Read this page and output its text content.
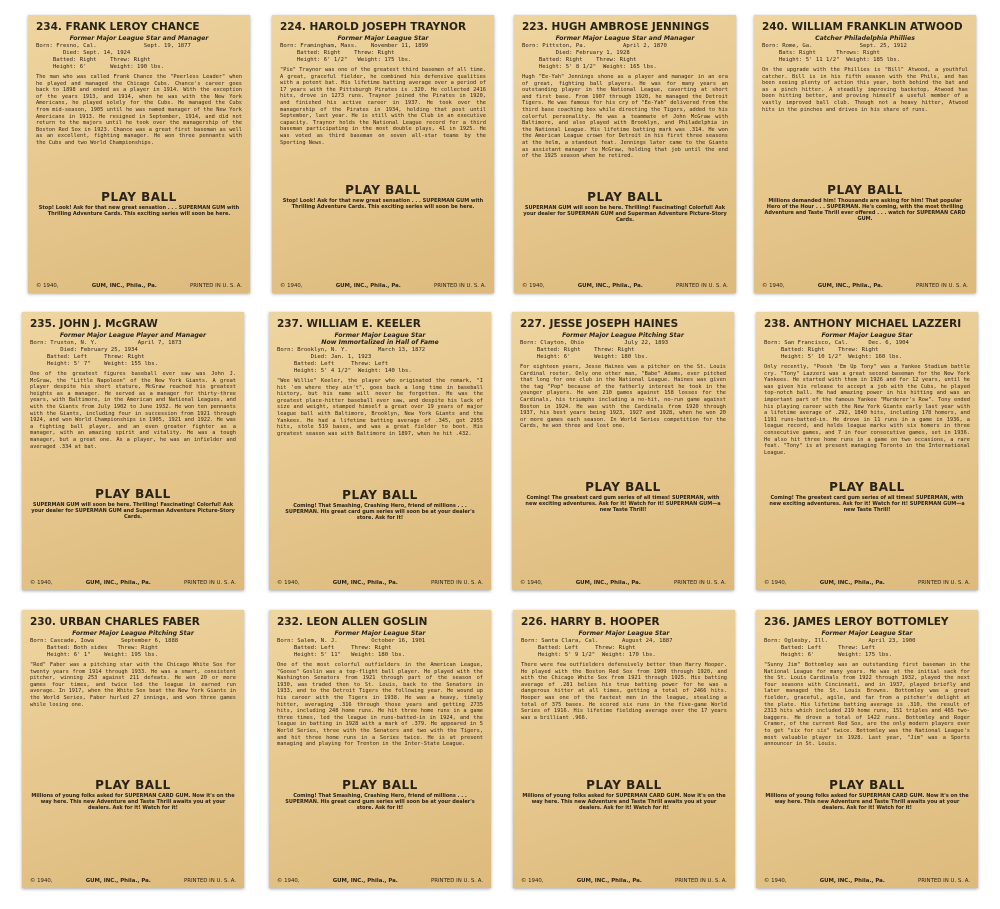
234. FRANK LEROY CHANCE
Former Major League Star and Manager
Born: Fresno, Cal.              Sept. 19, 1877
Died: Sept. 14, 1924
Batted: Right    Threw: Right
Height: 6'       Weight: 190 lbs.
The man who was called Frank Chance the "Peerless Leader" when he played and managed the Chicago Cubs. Chance's career goes back to 1898 and ended as a player in 1914. With the exception of the years 1913, and 1914, when he was with the New York Americans, he played solely for the Cubs. He managed the Cubs from mid-season, 1905 until he was named manager of the New York Americans in 1913. He resigned in September, 1914, and did not return to the majors until he took over the managership of the Boston Red Sox in 1923. Chance was a great first baseman as well as an excellent, fighting manager. He won three pennants with the Cubs and two World Championships.
PLAY BALL
Stop! Look! Ask for that new great sensation . . . SUPERMAN GUM with Thrilling Adventure Cards. This exciting series will soon be here.
© 1940,	GUM, INC., Phila., Pa.	PRINTED IN U. S. A.
224. HAROLD JOSEPH TRAYNOR
Former Major League Star
Born: Framingham, Mass.    November 11, 1899
Batted: Right    Threw: Right
Height: 6' 1/2"   Weight: 175 lbs.
"Pie" Traynor was one of the greatest third basemen of all time. A great, graceful fielder, he combined his defensive qualities with a potent bat. His lifetime batting average over a period of 17 years with the Pittsburgh Pirates is .320. He collected 2416 hits, drove in 1273 runs. Traynor joined the Pirates in 1920, and finished his active career in 1937. He took over the managership of the Pirates in 1934, holding that post until September, last year. He is still with the Club in an executive capacity. Traynor holds the National League record for a third baseman participating in the most double plays, 41 in 1925. He was voted as third baseman on seven all-star teams by the Sporting News.
PLAY BALL
Stop! Look! Ask for that new great sensation . . . SUPERMAN GUM with Thrilling Adventure Cards. This exciting series will soon be here.
© 1940,	GUM, INC., Phila., Pa.	PRINTED IN U. S. A.
223. HUGH AMBROSE JENNINGS
Former Major League Star and Manager
Born: Pittston, Pa.           April 2, 1870
Died: February 1, 1928
Batted: Right    Threw: Right
Height: 5' 8 1/2"  Weight: 165 lbs.
Hugh "Ee-Yah" Jennings shone as a player and manager in an era of great, fighting ball players. He was for many years an outstanding player in the National League, cavorting at short and first base. From 1907 through 1920, he managed the Detroit Tigers. He was famous for his cry of "Ee-Yah" delivered from the third base coaching box while directing the Tigers, added to his colorful personality. He was a teammate of John McGraw with Baltimore, and also played with Brooklyn, and Philadelphia in the National League. His lifetime batting mark was .314. He won the American League crown for Detroit in his first three seasons at the helm, a standout feat. Jennings later came to the Giants as assistant manager to McGraw, holding that job until the end of the 1925 season when he retired.
PLAY BALL
SUPERMAN GUM will soon be here. Thrilling! Fascinating! Colorful! Ask your dealer for SUPERMAN GUM and Superman Adventure Picture-Story Cards.
© 1940,	GUM, INC., Phila., Pa.	PRINTED IN U. S. A.
240. WILLIAM FRANKLIN ATWOOD
Catcher Philadelphia Phillies
Born: Rome, Ga.              Sept. 25, 1912
Bats: Right      Throws: Right
Height: 5' 11 1/2"  Weight: 185 lbs.
On the upgrade with the Phillies is "Bill" Atwood, a youthful catcher. Bill is in his fifth season with the Phils, and has been seeing plenty of action this year, both behind the bat and as a pinch hitter. A steadily improving backstop, Atwood has been hitting better, and proving himself a useful member of a vastly improved ball club. Though not a heavy hitter, Atwood hits in the pinches and drives in his share of runs.
PLAY BALL
Millions demanded him! Thousands are asking for him! That popular Hero of the Hour . . . SUPERMAN. He's coming, with the most thrilling Adventure and Taste Thrill ever offered . . . watch for SUPERMAN CARD GUM.
© 1940,	GUM, INC., Phila., Pa.	PRINTED IN U. S. A.
235. JOHN J. McGRAW
Former Major League Player and Manager
Born: Truxton, N. Y.            April 7, 1873
Died: February 25, 1934
Batted: Left     Threw: Right
Height: 5' 7"    Weight: 155 lbs.
One of the greatest figures baseball ever saw was John J. McGraw, the "Little Napoleon" of the New York Giants. A great player despite his short stature, McGraw reached his greatest heights as a manager. He served as a manager for thirty-three years, with Baltimore, in the American and National Leagues, and with the Giants from July 1902 to June 1932. He won ten pennants with the Giants, including four in succession from 1921 through 1924, and won World Championships in 1905, 1921 and 1922. He was a fighting ball player, and an even greater fighter as a manager, with an amazing spirit and vitality. He was a tough manager, but a great one. As a player, he was an infielder and averaged .334 at bat.
PLAY BALL
SUPERMAN GUM will soon be here. Thrilling! Fascinating! Colorful! Ask your dealer for SUPERMAN GUM and Superman Adventure Picture-Story Cards.
© 1940,	GUM, INC., Phila., Pa.	PRINTED IN U. S. A.
237. WILLIAM E. KEELER
Former Major League Star
Now Immortalized in Hall of Fame
Born: Brooklyn, N. Y.         March 13, 1872
Died: Jan. 1, 1923
Batted: Left     Threw: Left
Height: 5' 4 1/2"  Weight: 140 lbs.
"Wee Willie" Keeler, the player who originated the remark, "I hit 'em where they ain't", goes back a long time in baseball history, but his name will never be forgotten. He was the greatest place-hitter baseball ever saw, and despite his lack of size and weight, stamped himself a great over 19 years of major league ball with Baltimore, Brooklyn, New York Giants and the Yankees. He had a lifetime batting average of .345, got 2955 hits, stole 519 bases, and was a great fielder to boot. His greatest season was with Baltimore in 1897, when he hit .432.
PLAY BALL
Coming! That Smashing, Crashing Hero, friend of millions . . . SUPERMAN. His great card gum series will soon be at your dealer's store. Ask for it!
© 1940,	GUM, INC., Phila., Pa.	PRINTED IN U. S. A.
227. JESSE JOSEPH HAINES
Former Major League Pitching Star
Born: Clayton, Ohio            July 22, 1893
Batted: Right    Threw: Right
Height: 6'       Weight: 180 lbs.
For eighteen years, Jesse Haines was a pitcher on the St. Louis Cardinal roster. Only one other man, "Babe" Adams, ever pitched that long for one club in the National League. Haines was given the tag "Pop" because of the fatherly interest he took in the younger players. He won 210 games against 158 losses for the Cardinals, his triumphs including a no-hit, no-run game against Boston in 1924. He was with the Cardinals from 1920 through 1937, his best years being 1923, 1927 and 1928, when he won 20 or more games each season. In World Series competition for the Cards, he won three and lost one.
PLAY BALL
Coming! The greatest card gum series of all times! SUPERMAN, with new exciting adventures. Ask for it! Watch for it! SUPERMAN GUM—a new Taste Thrill!
© 1940,	GUM, INC., Phila., Pa.	PRINTED IN U. S. A.
238. ANTHONY MICHAEL LAZZERI
Former Major League Star
Born: San Francisco, Cal.      Dec. 6, 1904
Batted: Right    Threw: Right
Height: 5' 10 1/2"  Weight: 160 lbs.
Only recently, "Poosh 'Em Up Tony" was a Yankee Stadium battle cry. "Tony" Lazzeri was a great second baseman for the New York Yankees. He started with them in 1926 and for 12 years, until he was given his release to accept a job with the Cubs, he played top-notch ball. He had amazing power in his hitting and was an important part of the famous Yankee "Murderer's Row". Tony ended his playing career with the New York Giants early last year with a lifetime average of .292, 1840 hits, including 178 homers, and 1191 runs-batted-in. He drove in 11 runs in a game in 1936, a league record, and holds league marks with six homers in three consecutive games, and 7 in four consecutive games, set in 1936. He also hit three home runs in a game on two occasions, a rare feat. "Tony" is at present managing Toronto in the International League.
PLAY BALL
Coming! The greatest card gum series of all times! SUPERMAN, with new exciting adventures. Ask for it! Watch for it! SUPERMAN GUM—a new Taste Thrill!
© 1940,	GUM, INC., Phila., Pa.	PRINTED IN U. S. A.
230. URBAN CHARLES FABER
Former Major League Pitching Star
Born: Cascade, Iowa        September 6, 1888
Batted: Both sides   Threw: Right
Height: 6' 1"    Weight: 195 lbs.
"Red" Faber was a pitching star with the Chicago White Sox for twenty years from 1914 through 1933. He was a smart, consistent pitcher, winning 253 against 211 defeats. He won 20 or more games four times, and twice led the league in earned run average. In 1917, when the White Sox beat the New York Giants in the World Series, Faber hurled 27 innings, and won three games while losing one.
PLAY BALL
Millions of young folks asked for SUPERMAN CARD GUM. Now it's on the way here. This new Adventure and Taste Thrill awaits you at your dealers. Ask for it! Watch for it!
© 1940,	GUM, INC., Phila., Pa.	PRINTED IN U. S. A.
232. LEON ALLEN GOSLIN
Former Major League Star
Born: Salem, N. J.          October 16, 1901
Batted: Left     Threw: Right
Height: 5' 11"   Weight: 180 lbs.
One of the most colorful outfielders in the American League, "Goose" Goslin was a top-flight ball player. He played with the Washington Senators from 1921 through part of the season of 1930, was traded then to St. Louis, back to the Senators in 1933, and to the Detroit Tigers the following year. He wound up his career with the Tigers in 1938. He was a heavy, timely hitter, averaging .316 through those years and getting 2735 hits, including 248 home runs. He hit three home runs in a game three times, led the league in runs-batted-in in 1924, and the league in batting in 1928 with a mark of .379. He appeared in 5 World Series, three with the Senators and two with the Tigers, and hit three home runs in a Series twice. He is at present managing and playing for Trenton in the Inter-State League.
PLAY BALL
Coming! That Smashing, Crashing Hero, friend of millions . . . SUPERMAN. His great card gum series will soon be at your dealer's store. Ask for it!
© 1940,	GUM, INC., Phila., Pa.	PRINTED IN U. S. A.
226. HARRY B. HOOPER
Former Major League Star
Born: Santa Clara, Cal.       August 24, 1887
Batted: Left     Threw: Right
Height: 5' 9 1/2"  Weight: 170 lbs.
There were few outfielders defensively better than Harry Hooper. He played with the Boston Red Sox from 1909 through 1920, and with the Chicago White Sox from 1921 through 1925. His batting average of .281 belies his true batting power for he was a dangerous hitter at all times, getting a total of 2466 hits. Hooper was one of the fastest men in the league, stealing a total of 375 bases. He scored six runs in the five-game World Series of 1916. His lifetime fielding average over the 17 years was a brilliant .966.
PLAY BALL
Millions of young folks asked for SUPERMAN CARD GUM. Now it's on the way here. This new Adventure and Taste Thrill awaits you at your dealers. Ask for it! Watch for it!
© 1940,	GUM, INC., Phila., Pa.	PRINTED IN U. S. A.
236. JAMES LEROY BOTTOMLEY
Former Major League Star
Born: Oglesby, Ill.            April 23, 1900
Batted: Left     Threw: Left
Height: 6'       Weight: 175 lbs.
"Sunny Jim" Bottomley was an outstanding first baseman in the National League for many years. He was at the initial sack for the St. Louis Cardinals from 1922 through 1932, played the next four seasons with Cincinnati, and in 1937, played briefly and later managed the St. Louis Browns. Bottomley was a great fielder, graceful, agile, and far from a pitcher's delight at the plate. His lifetime batting average is .310, the result of 2313 hits which included 219 home runs, 151 triples and 465 two-baggers. He drove a total of 1422 runs. Bottomley and Roger Cramer, of the current Red Sox, are the only modern players ever to get "six for six" twice. Bottomley was the National League's most valuable player in 1928. Last year, "Jim" was a Sports announcer in St. Louis.
PLAY BALL
Millions of young folks asked for SUPERMAN CARD GUM. Now it's on the way here. This new Adventure and Taste Thrill awaits you at your dealers. Ask for it! Watch for it!
© 1940,	GUM, INC., Phila., Pa.	PRINTED IN U. S. A.
